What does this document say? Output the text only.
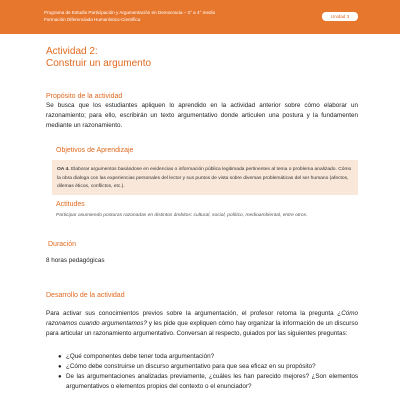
Programa de Estudio Participación y Argumentación en Democracia – 3° a 4° medio
Formación Diferenciada Humanístico-Científica	Unidad 3
Actividad 2:
Construir un argumento
Propósito de la actividad

Se busca que los estudiantes apliquen lo aprendido en la actividad anterior sobre cómo elaborar un razonamiento; para ello, escribirán un texto argumentativo donde articulen una postura y la fundamenten mediante un razonamiento.

Objetivos de Aprendizaje

OA 4. Elaborar argumentos basándose en evidencias o información pública legitimada pertinentes al tema o problema analizado. Cómo la obra dialoga con las experiencias personales del lector y sus puntos de vista sobre diversas problemáticas del ser humano (afectos, dilemas éticos, conflictos, etc.).

Actitudes

Participar asumiendo posturas razonadas en distintos ámbitos: cultural, social, político, medioambiental, entre otros.

Duración

8 horas pedagógicas

Desarrollo de la actividad

Para activar sus conocimientos previos sobre la argumentación, el profesor retoma la pregunta ¿Cómo razonamos cuando argumentamos? y les pide que expliquen cómo hay organizar la información de un discurso para articular un razonamiento argumentativo. Conversan al respecto, guiados por las siguientes preguntas:

● ¿Qué componentes debe tener toda argumentación?
● ¿Cómo debe construirse un discurso argumentativo para que sea eficaz en su propósito?
● De las argumentaciones analizadas previamente, ¿cuáles les han parecido mejores? ¿Son elementos argumentativos o elementos propios del contexto o el enunciador?
